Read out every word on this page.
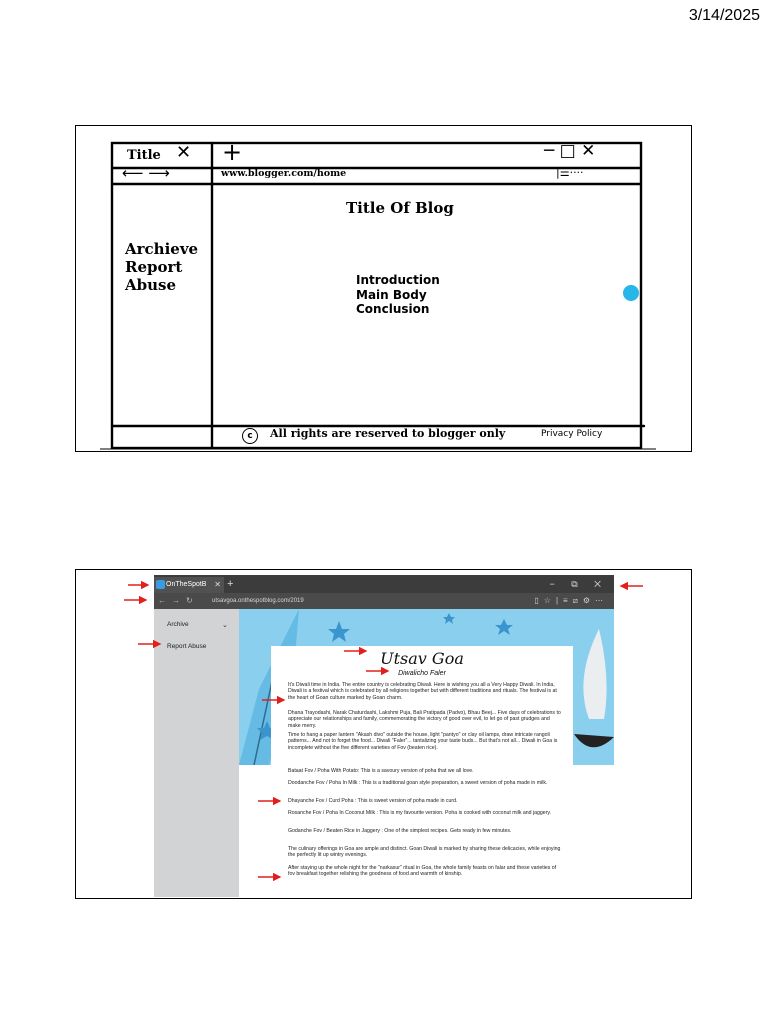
3/14/2025
Title ✕ +	─ □ ✕
⟵ ⟶	www.blogger.com/home	|☰····
Archieve
Report
Abuse
Title Of Blog
Introduction
Main Body
Conclusion
c	All rights are reserved to blogger only	Privacy Policy
OnTheSpotB ✕ +	− ⧉ ✕
←→↻ utsavgoa.onthespotblog.com/2019	▯☆|≡⧄⚙⋯
Archive	⌄
Report Abuse
Utsav Goa
Diwalicho Faler

It's Diwali time in India. The entire country is celebrating Diwali. Here is wishing you all a Very Happy Diwali. In India, Diwali is a festival which is celebrated by all religions together but with different traditions and rituals. The festival is at the heart of Goan culture marked by Goan charm.

Dhana Trayodashi, Narak Chaturdashi, Lakshmi Puja, Bali Pratipada (Padvo), Bhau Beej... Five days of celebrations to appreciate our relationships and family, commemorating the victory of good over evil, to let go of past grudges and make merry.

Time to hang a paper lantern "Akash divo" outside the house, light "pantyo" or clay oil lamps, draw intricate rangoli patterns... And not to forget the food... Diwali "Faler"... tantalizing your taste buds... But that's not all... Diwali in Goa is incomplete without the five different varieties of Fov (beaten rice).

Bataat Fov / Poha With Potato: This is a savoury version of poha that we all love.

Doodanche Fov / Poha In Milk : This is a traditional goan style preparation, a sweet version of poha made in milk.

Dhayanche Fov / Curd Poha : This is sweet version of poha made in curd.

Rosanche Fov / Poha In Coconut Milk : This is my favourite version. Poha is cooked with coconut milk and jaggery.

Godanche Fov / Beaten Rice in Jaggery : One of the simplest recipes. Gets ready in few minutes.

The culinary offerings in Goa are ample and distinct. Goan Diwali is marked by sharing these delicacies, while enjoying the perfectly lit up wintry evenings.

After staying up the whole night for the "narkasur" ritual in Goa, the whole family feasts on falar and these varieties of fov breakfast together relishing the goodness of food and warmth of kinship.
